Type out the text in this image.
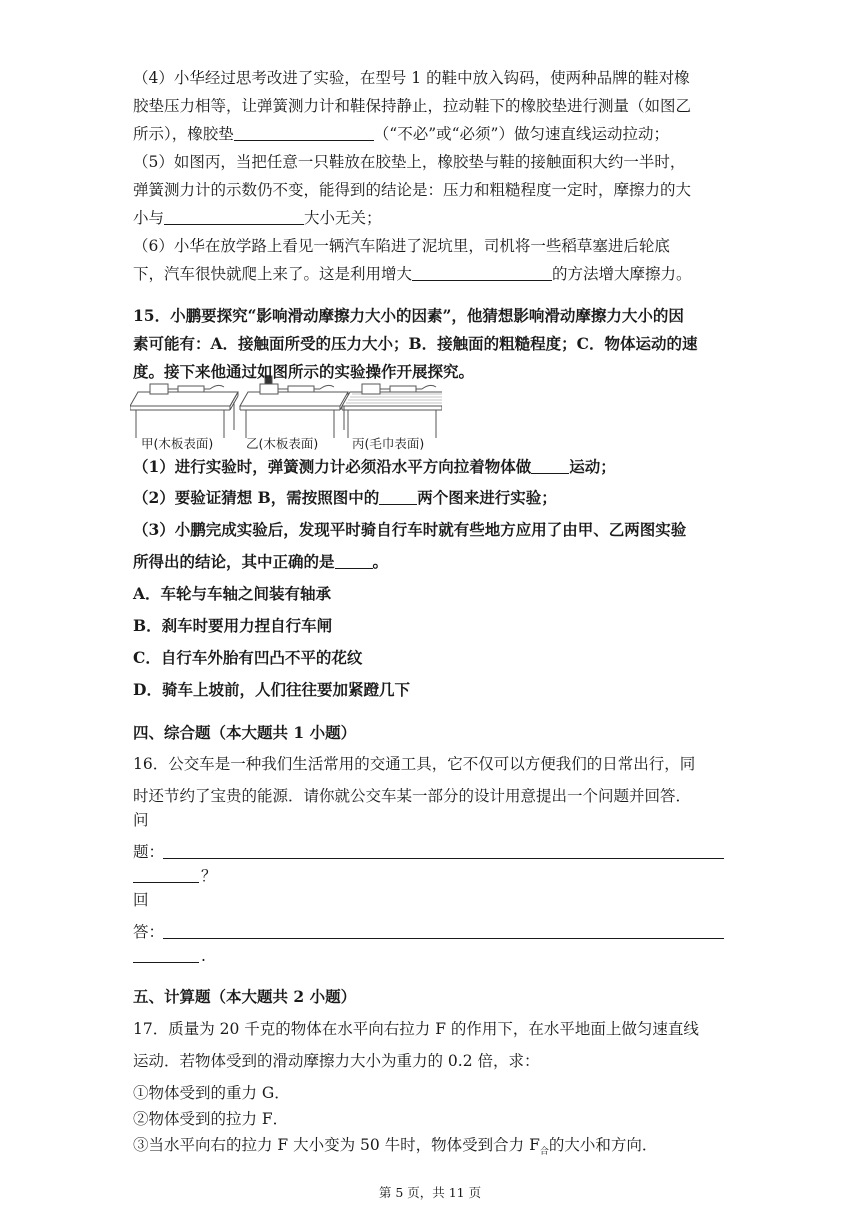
（4）小华经过思考改进了实验，在型号 1 的鞋中放入钩码，使两种品牌的鞋对橡
胶垫压力相等，让弹簧测力计和鞋保持静止，拉动鞋下的橡胶垫进行测量（如图乙
所示），橡胶垫	（“不必”或“必须”）做匀速直线运动拉动；
（5）如图丙，当把任意一只鞋放在胶垫上，橡胶垫与鞋的接触面积大约一半时，
弹簧测力计的示数仍不变，能得到的结论是：压力和粗糙程度一定时，摩擦力的大
小与	大小无关；
（6）小华在放学路上看见一辆汽车陷进了泥坑里，司机将一些稻草塞进后轮底
下，汽车很快就爬上来了。这是利用增大	的方法增大摩擦力。
15．小鹏要探究“影响滑动摩擦力大小的因素”，他猜想影响滑动摩擦力大小的因
甲(木板表面)	乙(木板表面)	丙(毛巾表面)
（1）进行实验时，弹簧测力计必须沿水平方向拉着物体做 运动；
（2）要验证猜想 B，需按照图中的 两个图来进行实验；
（3）小鹏完成实验后，发现平时骑自行车时就有些地方应用了由甲、乙两图实验
所得出的结论，其中正确的是 。
A．车轮与车轴之间装有轴承
B．刹车时要用力捏自行车闸
C．自行车外胎有凹凸不平的花纹
D．骑车上坡前，人们往往要加紧蹬几下
四、综合题（本大题共 1 小题）
16．公交车是一种我们生活常用的交通工具，它不仅可以方便我们的日常出行，同
时还节约了宝贵的能源．请你就公交车某一部分的设计用意提出一个问题并回答．
问
题：
？
回
答：
.
五、计算题（本大题共 2 小题）
17．质量为 20 千克的物体在水平向右拉力 F 的作用下，在水平地面上做匀速直线
运动．若物体受到的滑动摩擦力大小为重力的 0.2 倍，求：
①物体受到的重力 G．
②物体受到的拉力 F．
③当水平向右的拉力 F 大小变为 50 牛时，物体受到合力 $F_合$的大小和方向．
第 5 页，共 11 页
素可能有：A．接触面所受的压力大小；B．接触面的粗糙程度；C．物体运动的速
度。接下来他通过如图所示的实验操作开展探究。
